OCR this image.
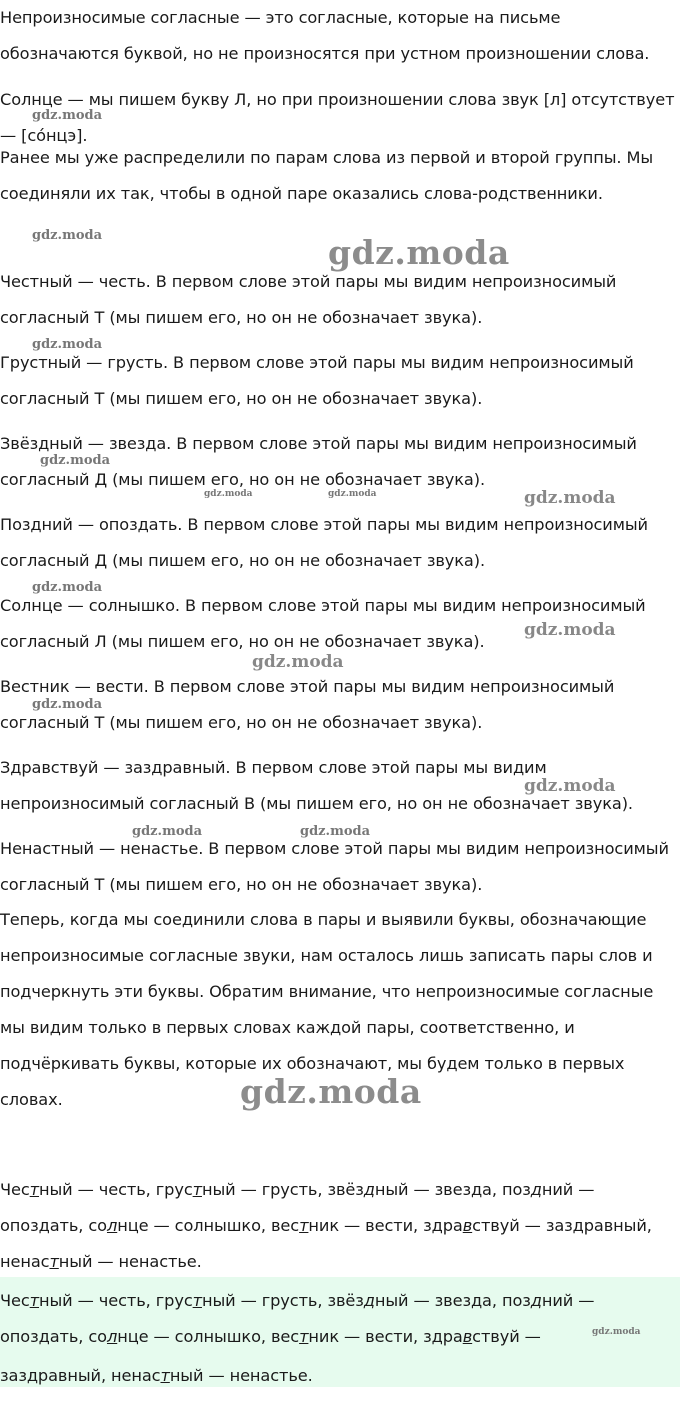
Непроизносимые согласные — это согласные, которые на письме обозначаются буквой, но не произносятся при устном произношении слова.

Солнце — мы пишем букву Л, но при произношении слова звук [л] отсутствует — [со́нцэ].

Ранее мы уже распределили по парам слова из первой и второй группы. Мы соединяли их так, чтобы в одной паре оказались слова-родственники.

Честный — честь. В первом слове этой пары мы видим непроизносимый согласный Т (мы пишем его, но он не обозначает звука).

Грустный — грусть. В первом слове этой пары мы видим непроизносимый согласный Т (мы пишем его, но он не обозначает звука).

Звёздный — звезда. В первом слове этой пары мы видим непроизносимый согласный Д (мы пишем его, но он не обозначает звука).

Поздний — опоздать. В первом слове этой пары мы видим непроизносимый согласный Д (мы пишем его, но он не обозначает звука).

Солнце — солнышко. В первом слове этой пары мы видим непроизносимый согласный Л (мы пишем его, но он не обозначает звука).

Вестник — вести. В первом слове этой пары мы видим непроизносимый согласный Т (мы пишем его, но он не обозначает звука).

Здравствуй — заздравный. В первом слове этой пары мы видим непроизносимый согласный В (мы пишем его, но он не обозначает звука).

Ненастный — ненастье. В первом слове этой пары мы видим непроизносимый согласный Т (мы пишем его, но он не обозначает звука).

Теперь, когда мы соединили слова в пары и выявили буквы, обозначающие непроизносимые согласные звуки, нам осталось лишь записать пары слов и подчеркнуть эти буквы. Обратим внимание, что непроизносимые согласные мы видим только в первых словах каждой пары, соответственно, и подчёркивать буквы, которые их обозначают, мы будем только в первых словах.

Честный — честь, грустный — грусть, звёздный — звезда, поздний —
опоздать, солнце — солнышко, вестник — вести, здравствуй — заздравный,
ненастный — ненастье.
Честный — честь, грустный — грусть, звёздный — звезда, поздний —
опоздать, солнце — солнышко, вестник — вести, здравствуй —
заздравный, ненастный — ненастье.
gdz.moda
gdz.moda	gdz.moda
gdz.moda
gdz.moda
gdz.moda	gdz.moda	gdz.moda
gdz.moda
gdz.moda
gdz.moda
gdz.moda
gdz.moda
gdz.moda	gdz.moda
gdz.moda
gdz.moda
